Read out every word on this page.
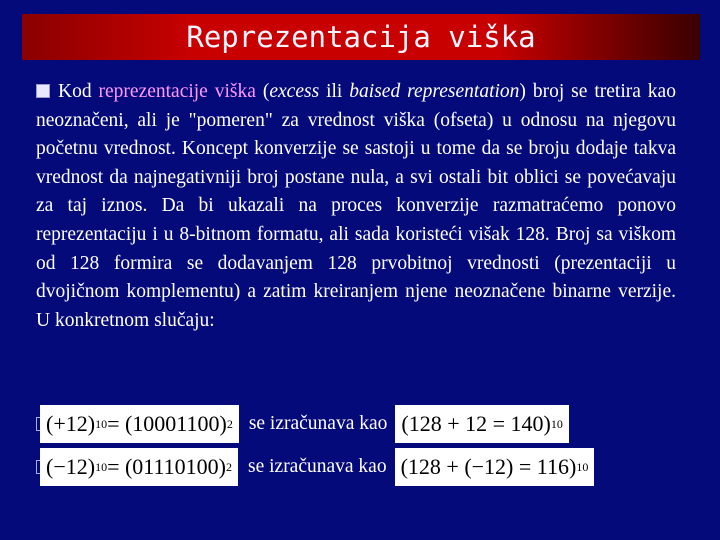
Reprezentacija viška
Kod reprezentacije viška (excess ili baised representation) broj se tretira kao neoznačeni, ali je "pomeren" za vrednost viška (ofseta) u odnosu na njegovu početnu vrednost. Koncept konverzije se sastoji u tome da se broju dodaje takva vrednost da najnegativniji broj postane nula, a svi ostali bit oblici se povećavaju za taj iznos. Da bi ukazali na proces konverzije razmatraćemo ponovo reprezentaciju i u 8-bitnom formatu, ali sada koristeći višak 128. Broj sa viškom od 128 formira se dodavanjem 128 prvobitnoj vrednosti (prezentaciji u dvojičnom komplementu) a zatim kreiranjem njene neoznačene binarne verzije. U konkretnom slučaju:
(+12) 10 = (10001100) 2 se izračunava kao (128 + 12 = 140) 10
(−12) 10 = (01110100) 2 se izračunava kao (128 + (−12) = 116) 10
